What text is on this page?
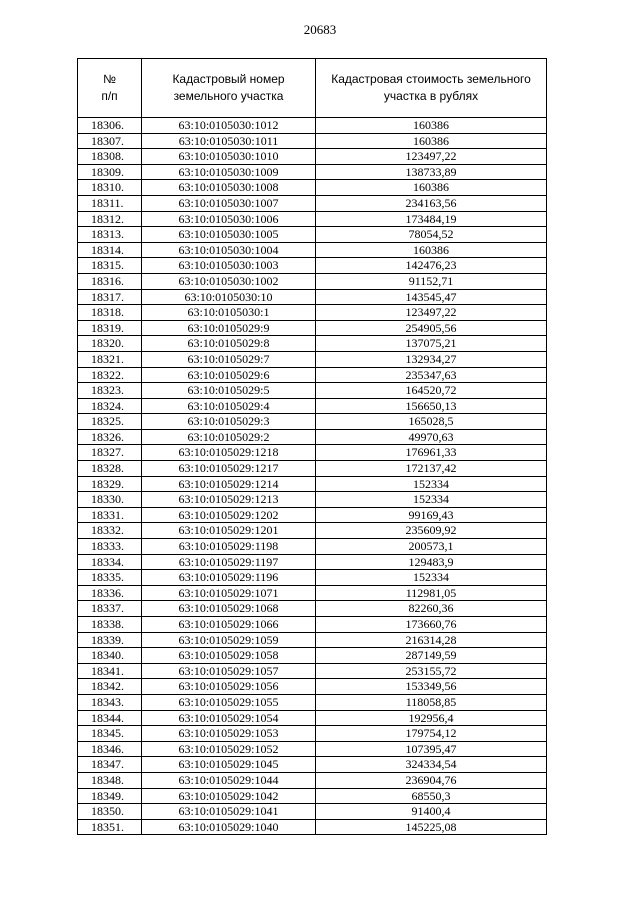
20683
№
п/п	Кадастровый номер земельного участка	Кадастровая стоимость земельного участка в рублях
18306.	63:10:0105030:1012	160386
18307.	63:10:0105030:1011	160386
18308.	63:10:0105030:1010	123497,22
18309.	63:10:0105030:1009	138733,89
18310.	63:10:0105030:1008	160386
18311.	63:10:0105030:1007	234163,56
18312.	63:10:0105030:1006	173484,19
18313.	63:10:0105030:1005	78054,52
18314.	63:10:0105030:1004	160386
18315.	63:10:0105030:1003	142476,23
18316.	63:10:0105030:1002	91152,71
18317.	63:10:0105030:10	143545,47
18318.	63:10:0105030:1	123497,22
18319.	63:10:0105029:9	254905,56
18320.	63:10:0105029:8	137075,21
18321.	63:10:0105029:7	132934,27
18322.	63:10:0105029:6	235347,63
18323.	63:10:0105029:5	164520,72
18324.	63:10:0105029:4	156650,13
18325.	63:10:0105029:3	165028,5
18326.	63:10:0105029:2	49970,63
18327.	63:10:0105029:1218	176961,33
18328.	63:10:0105029:1217	172137,42
18329.	63:10:0105029:1214	152334
18330.	63:10:0105029:1213	152334
18331.	63:10:0105029:1202	99169,43
18332.	63:10:0105029:1201	235609,92
18333.	63:10:0105029:1198	200573,1
18334.	63:10:0105029:1197	129483,9
18335.	63:10:0105029:1196	152334
18336.	63:10:0105029:1071	112981,05
18337.	63:10:0105029:1068	82260,36
18338.	63:10:0105029:1066	173660,76
18339.	63:10:0105029:1059	216314,28
18340.	63:10:0105029:1058	287149,59
18341.	63:10:0105029:1057	253155,72
18342.	63:10:0105029:1056	153349,56
18343.	63:10:0105029:1055	118058,85
18344.	63:10:0105029:1054	192956,4
18345.	63:10:0105029:1053	179754,12
18346.	63:10:0105029:1052	107395,47
18347.	63:10:0105029:1045	324334,54
18348.	63:10:0105029:1044	236904,76
18349.	63:10:0105029:1042	68550,3
18350.	63:10:0105029:1041	91400,4
18351.	63:10:0105029:1040	145225,08
